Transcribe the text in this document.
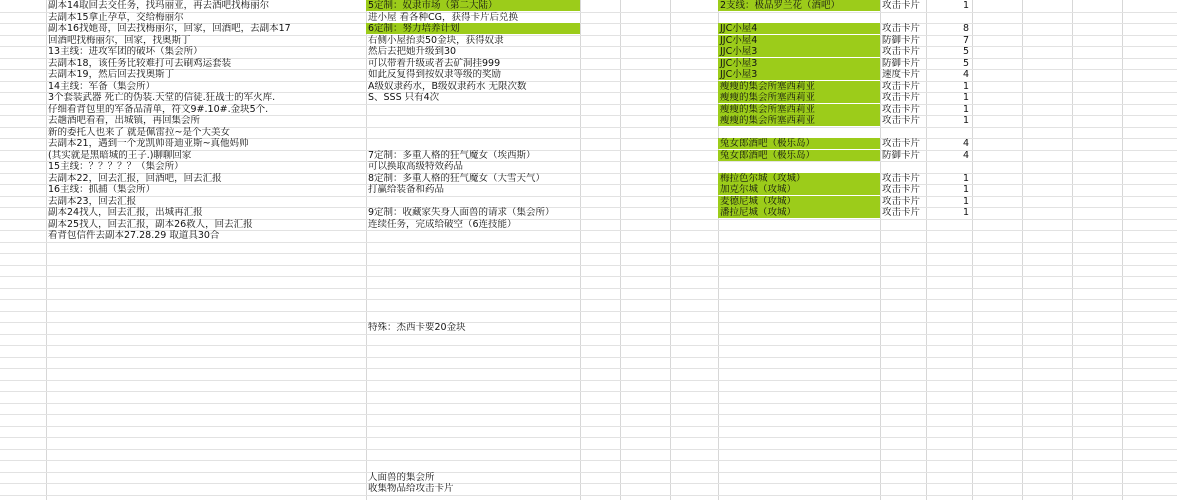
副本14取回去交任务，找玛丽亚，再去酒吧找梅丽尔
去副本15拿止孕草，交给梅丽尔
副本16找她哥，回去找梅丽尔，回家，回酒吧，去副本17
回酒吧找梅丽尔，回家，找奥斯丁
13主线：进攻军团的破坏（集会所）
去副本18，该任务比较难打可去刷鸡运套装
去副本19，然后回去找奥斯丁
14主线：军备（集会所）
3个套装武器 死亡的伪装.天堂的信徒.狂战士的军火库.
仔细看背包里的军备品清单，符文9#.10#.金块5个.
去趟酒吧看看，出城镇，再回集会所
新的委托人也来了 就是佩雷拉~是个大美女
去副本21，遇到一个龙凯帅哥迪亚斯~真他妈帅
(其实就是黑暗城的王子.)聊聊回家
15主线：？？？？？（集会所）
去副本22，回去汇报，回酒吧，回去汇报
16主线：抓捕（集会所）
去副本23，回去汇报
副本24找人，回去汇报，出城再汇报
副本25找人，回去汇报，副本26救人，回去汇报
看背包信件去副本27.28.29 取道具30合
5定制：奴隶市场（第二大陆）
进小屋 看各种CG，获得卡片后兑换
6定制：努力培养计划
右侧小屋抬卖50金块，获得奴隶
然后去把她升级到30
可以带着升级或者去矿洞挂999
如此反复得到按奴隶等级的奖励
A级奴隶药水，B级奴隶药水 无限次数
S、SSS 只有4次
7定制：多重人格的狂气魔女（埃西斯）
可以换取高级特效药品
8定制：多重人格的狂气魔女（大雪天气）
打赢给装备和药品
9定制：收藏家失身人面兽的请求（集会所）
连续任务，完成给破空（6连技能）
特殊：杰西卡要20金块
人面兽的集会所
收集物品给攻击卡片
2支线：极品罗兰花（酒吧）	攻击卡片	1
JJC小屋4	攻击卡片	8
JJC小屋4	防御卡片	7
JJC小屋3	攻击卡片	5
JJC小屋3	防御卡片	5
JJC小屋3	速度卡片	4
瘦瘦的集会所塞西莉亚	攻击卡片	1
瘦瘦的集会所塞西莉亚	攻击卡片	1
瘦瘦的集会所塞西莉亚	攻击卡片	1
瘦瘦的集会所塞西莉亚	攻击卡片	1
兔女郎酒吧（极乐岛）	攻击卡片	4
兔女郎酒吧（极乐岛）	防御卡片	4
梅拉色尔城（攻城）	攻击卡片	1
加克尔城（攻城）	攻击卡片	1
麦德尼城（攻城）	攻击卡片	1
潘拉尼城（攻城）	攻击卡片	1
